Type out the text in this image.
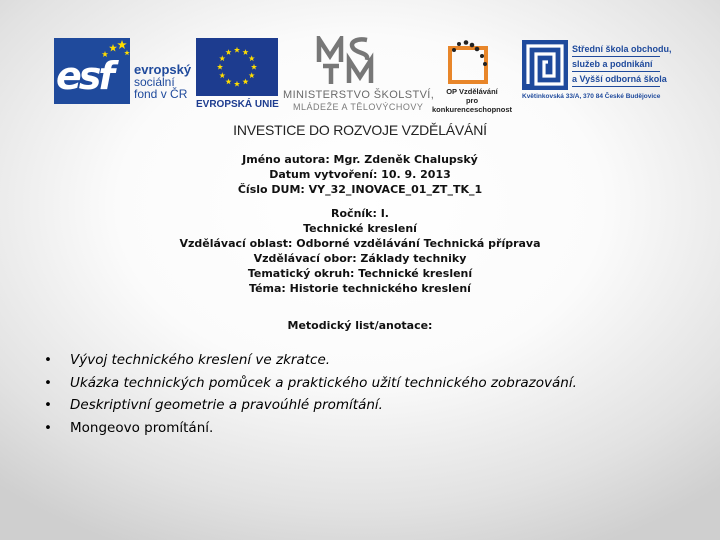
esf evropský
sociální
fond v ČR
EVROPSKÁ UNIE
MINISTERSTVO ŠKOLSTVÍ,
MLÁDEŽE A TĚLOVÝCHOVY
OP Vzdělávání
pro konkurenceschopnost
Střední škola obchodu,
služeb a podnikání
a Vyšší odborná škola
Květinkovská 33/A, 370 84 České Budějovice
INVESTICE DO ROZVOJE VZDĚLÁVÁNÍ
Jméno autora: Mgr. Zdeněk Chalupský
Datum vytvoření: 10. 9. 2013
Číslo DUM: VY_32_INOVACE_01_ZT_TK_1
Ročník: I.
Technické kreslení
Vzdělávací oblast: Odborné vzdělávání Technická příprava
Vzdělávací obor: Základy techniky
Tematický okruh: Technické kreslení
Téma: Historie technického kreslení
Metodický list/anotace:
• Vývoj technického kreslení ve zkratce.
• Ukázka technických pomůcek a praktického užití technického zobrazování.
• Deskriptivní geometrie a pravoúhlé promítání.
• Mongeovo promítání.
